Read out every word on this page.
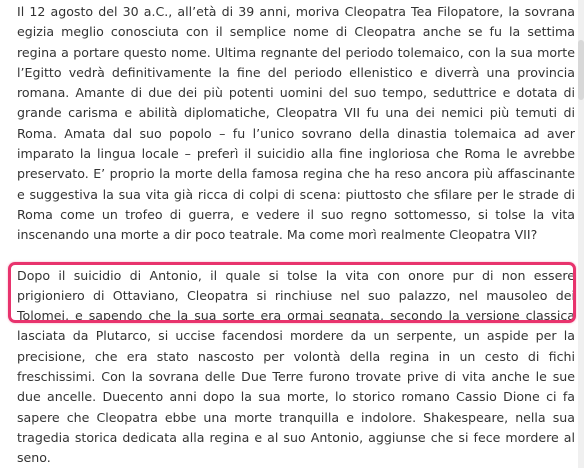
Il 12 agosto del 30 a.C., all’età di 39 anni, moriva Cleopatra Tea Filopatore, la sovrana egizia meglio conosciuta con il semplice nome di Cleopatra anche se fu la settima regina a portare questo nome. Ultima regnante del periodo tolemaico, con la sua morte l’Egitto vedrà definitivamente la fine del periodo ellenistico e diverrà una provincia romana. Amante di due dei più potenti uomini del suo tempo, seduttrice e dotata di grande carisma e abilità diplomatiche, Cleopatra VII fu una dei nemici più temuti di Roma. Amata dal suo popolo – fu l’unico sovrano della dinastia tolemaica ad aver imparato la lingua locale – preferì il suicidio alla fine ingloriosa che Roma le avrebbe preservato. E’ proprio la morte della famosa regina che ha reso ancora più affascinante e suggestiva la sua vita già ricca di colpi di scena: piuttosto che sfilare per le strade di Roma come un trofeo di guerra, e vedere il suo regno sottomesso, si tolse la vita inscenando una morte a dir poco teatrale. Ma come morì realmente Cleopatra VII?

Dopo il suicidio di Antonio, il quale si tolse la vita con onore pur di non essere prigioniero di Ottaviano, Cleopatra si rinchiuse nel suo palazzo, nel mausoleo dei Tolomei, e sapendo che la sua sorte era ormai segnata, secondo la versione classica lasciata da Plutarco, si uccise facendosi mordere da un serpente, un aspide per la precisione, che era stato nascosto per volontà della regina in un cesto di fichi freschissimi. Con la sovrana delle Due Terre furono trovate prive di vita anche le sue due ancelle. Duecento anni dopo la sua morte, lo storico romano Cassio Dione ci fa sapere che Cleopatra ebbe una morte tranquilla e indolore. Shakespeare, nella sua tragedia storica dedicata alla regina e al suo Antonio, aggiunse che si fece mordere al seno.
